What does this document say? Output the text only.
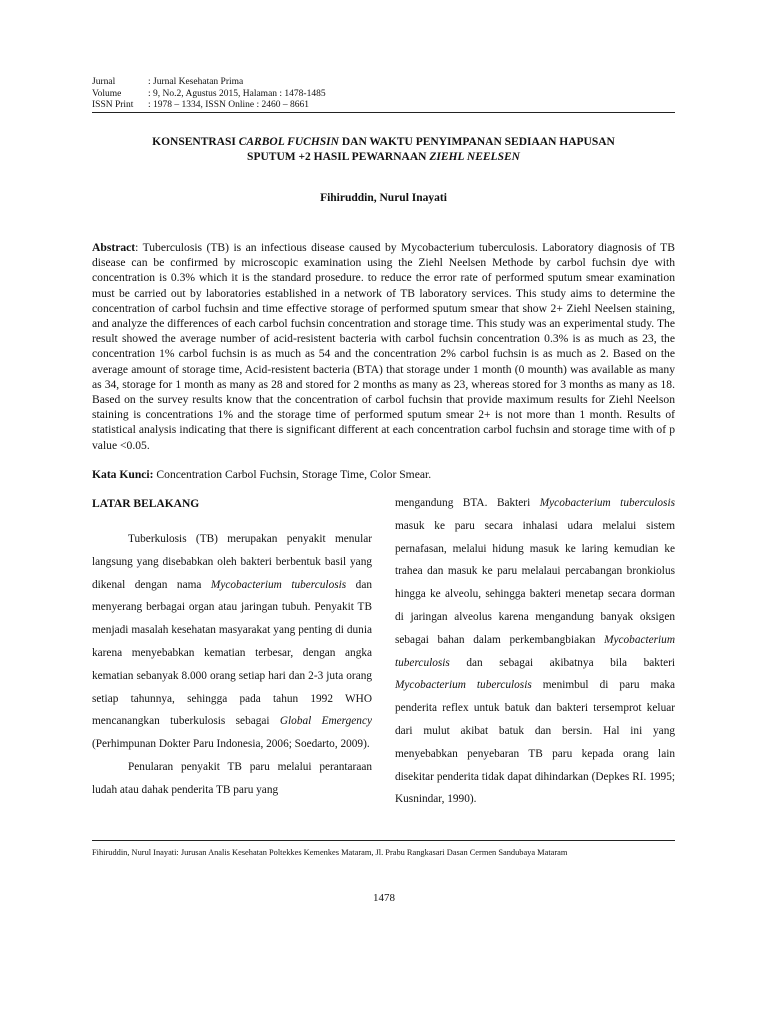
Jurnal	: Jurnal Kesehatan Prima
Volume	: 9, No.2, Agustus 2015, Halaman : 1478-1485
ISSN Print	: 1978 – 1334, ISSN Online : 2460 – 8661
KONSENTRASI CARBOL FUCHSIN DAN WAKTU PENYIMPANAN SEDIAAN HAPUSAN
SPUTUM +2 HASIL PEWARNAAN ZIEHL NEELSEN
Fihiruddin, Nurul Inayati
Abstract: Tuberculosis (TB) is an infectious disease caused by Mycobacterium tuberculosis. Laboratory diagnosis of TB disease can be confirmed by microscopic examination using the Ziehl Neelsen Methode by carbol fuchsin dye with concentration is 0.3% which it is the standard prosedure. to reduce the error rate of performed sputum smear examination must be carried out by laboratories established in a network of TB laboratory services. This study aims to determine the concentration of carbol fuchsin and time effective storage of performed sputum smear that show 2+ Ziehl Neelsen staining, and analyze the differences of each carbol fuchsin concentration and storage time. This study was an experimental study. The result showed the average number of acid-resistent bacteria with carbol fuchsin concentration 0.3% is as much as 23, the concentration 1% carbol fuchsin is as much as 54 and the concentration 2% carbol fuchsin is as much as 2. Based on the average amount of storage time, Acid-resistent bacteria (BTA) that storage under 1 month (0 mounth) was available as many as 34, storage for 1 month as many as 28 and stored for 2 months as many as 23, whereas stored for 3 months as many as 18. Based on the survey results know that the concentration of carbol fuchsin that provide maximum results for Ziehl Neelson staining is concentrations 1% and the storage time of performed sputum smear 2+ is not more than 1 month. Results of statistical analysis indicating that there is significant different at each concentration carbol fuchsin and storage time with of p value <0.05.
Kata Kunci: Concentration Carbol Fuchsin, Storage Time, Color Smear.
LATAR BELAKANG

Tuberkulosis (TB) merupakan penyakit menular langsung yang disebabkan oleh bakteri berbentuk basil yang dikenal dengan nama Mycobacterium tuberculosis dan menyerang berbagai organ atau jaringan tubuh. Penyakit TB menjadi masalah kesehatan masyarakat yang penting di dunia karena menyebabkan kematian terbesar, dengan angka kematian sebanyak 8.000 orang setiap hari dan 2-3 juta orang setiap tahunnya, sehingga pada tahun 1992 WHO mencanangkan tuberkulosis sebagai Global Emergency (Perhimpunan Dokter Paru Indonesia, 2006; Soedarto, 2009).

Penularan penyakit TB paru melalui perantaraan ludah atau dahak penderita TB paru yang

mengandung BTA. Bakteri Mycobacterium tuberculosis masuk ke paru secara inhalasi udara melalui sistem pernafasan, melalui hidung masuk ke laring kemudian ke trahea dan masuk ke paru melalaui percabangan bronkiolus hingga ke alveolu, sehingga bakteri menetap secara dorman di jaringan alveolus karena mengandung banyak oksigen sebagai bahan dalam perkembangbiakan Mycobacterium tuberculosis dan sebagai akibatnya bila bakteri Mycobacterium tuberculosis menimbul di paru maka penderita reflex untuk batuk dan bakteri tersemprot keluar dari mulut akibat batuk dan bersin. Hal ini yang menyebabkan penyebaran TB paru kepada orang lain disekitar penderita tidak dapat dihindarkan (Depkes RI. 1995; Kusnindar, 1990).

Fihiruddin, Nurul Inayati: Jurusan Analis Kesehatan Poltekkes Kemenkes Mataram, Jl. Prabu Rangkasari Dasan Cermen Sandubaya Mataram
1478
